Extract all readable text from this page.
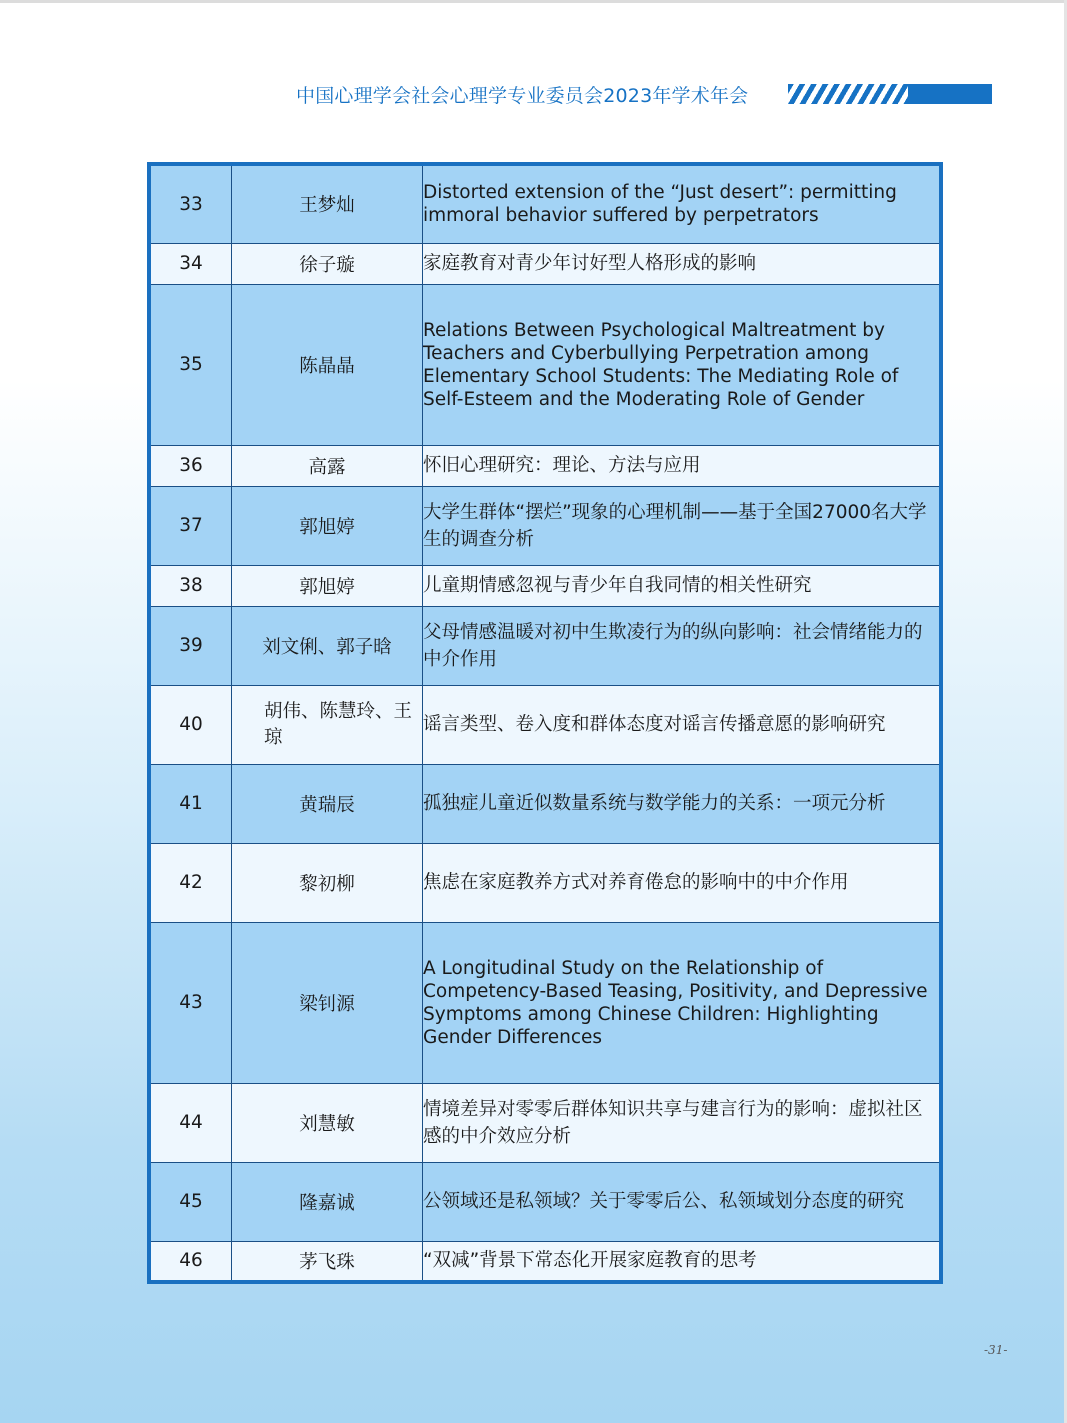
中国心理学会社会心理学专业委员会2023年学术年会
33	王梦灿	Distorted extension of the “Just desert”: permitting immoral behavior suffered by perpetrators
34	徐子璇	家庭教育对青少年讨好型人格形成的影响
35	陈晶晶	Relations Between Psychological Maltreatment by Teachers and Cyberbullying Perpetration among Elementary School Students: The Mediating Role of Self-Esteem and the Moderating Role of Gender
36	高露	怀旧心理研究：理论、方法与应用
37	郭旭婷	大学生群体“摆烂”现象的心理机制——基于全国27000名大学生的调查分析
38	郭旭婷	儿童期情感忽视与青少年自我同情的相关性研究
39	刘文俐、郭子晗	父母情感温暖对初中生欺凌行为的纵向影响：社会情绪能力的中介作用
40	胡伟、陈慧玲、王琼	谣言类型、卷入度和群体态度对谣言传播意愿的影响研究
41	黄瑞辰	孤独症儿童近似数量系统与数学能力的关系：一项元分析
42	黎初柳	焦虑在家庭教养方式对养育倦怠的影响中的中介作用
43	梁钊源	A Longitudinal Study on the Relationship of Competency-Based Teasing, Positivity, and Depressive Symptoms among Chinese Children: Highlighting Gender Differences
44	刘慧敏	情境差异对零零后群体知识共享与建言行为的影响：虚拟社区感的中介效应分析
45	隆嘉诚	公领域还是私领域？关于零零后公、私领域划分态度的研究
46	茅飞珠	“双减”背景下常态化开展家庭教育的思考
-31-
